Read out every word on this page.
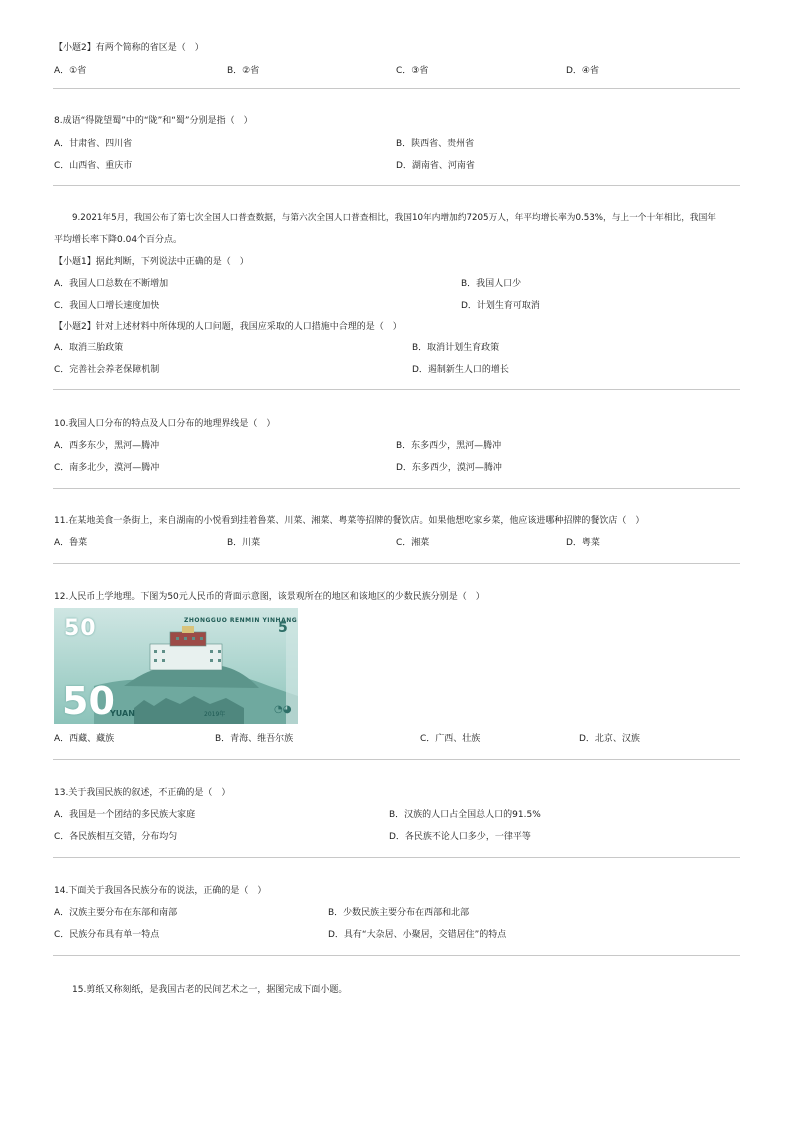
【小题2】有两个简称的省区是（　）
A．①省	B．②省	C．③省	D．④省
8.成语“得陇望蜀”中的“陇”和“蜀”分别是指（　）
A．甘肃省、四川省	B．陕西省、贵州省
C．山西省、重庆市	D．湖南省、河南省
9.2021年5月，我国公布了第七次全国人口普查数据，与第六次全国人口普查相比，我国10年内增加约7205万人，年平均增长率为0.53%，与上一个十年相比，我国年
平均增长率下降0.04个百分点。
【小题1】据此判断，下列说法中正确的是（　）
A．我国人口总数在不断增加	B．我国人口少
C．我国人口增长速度加快	D．计划生育可取消
【小题2】针对上述材料中所体现的人口问题，我国应采取的人口措施中合理的是（　）
A．取消三胎政策	B．取消计划生育政策
C．完善社会养老保障机制	D．遏制新生人口的增长
10.我国人口分布的特点及人口分布的地理界线是（　）
A．西多东少，黑河—腾冲	B．东多西少，黑河—腾冲
C．南多北少，漠河—腾冲	D．东多西少，漠河—腾冲
11.在某地美食一条街上，来自湖南的小悦看到挂着鲁菜、川菜、湘菜、粤菜等招牌的餐饮店。如果他想吃家乡菜，他应该进哪种招牌的餐饮店（　）
A．鲁菜	B．川菜	C．湘菜	D．粤菜
12.人民币上学地理。下图为50元人民币的背面示意图，该景观所在的地区和该地区的少数民族分别是（　）
50	ZHONGGUO RENMIN YINHANG
5
50
YUAN	2019年	◔◕
A．西藏、藏族	B．青海、维吾尔族	C．广西、壮族	D．北京、汉族
13.关于我国民族的叙述，不正确的是（　）
A．我国是一个团结的多民族大家庭	B．汉族的人口占全国总人口的91.5%
C．各民族相互交错，分布均匀	D．各民族不论人口多少，一律平等
14.下面关于我国各民族分布的说法，正确的是（　）
A．汉族主要分布在东部和南部	B．少数民族主要分布在西部和北部
C．民族分布具有单一特点	D．具有“大杂居、小聚居，交错居住”的特点
15.剪纸又称刻纸，是我国古老的民间艺术之一，据图完成下面小题。
